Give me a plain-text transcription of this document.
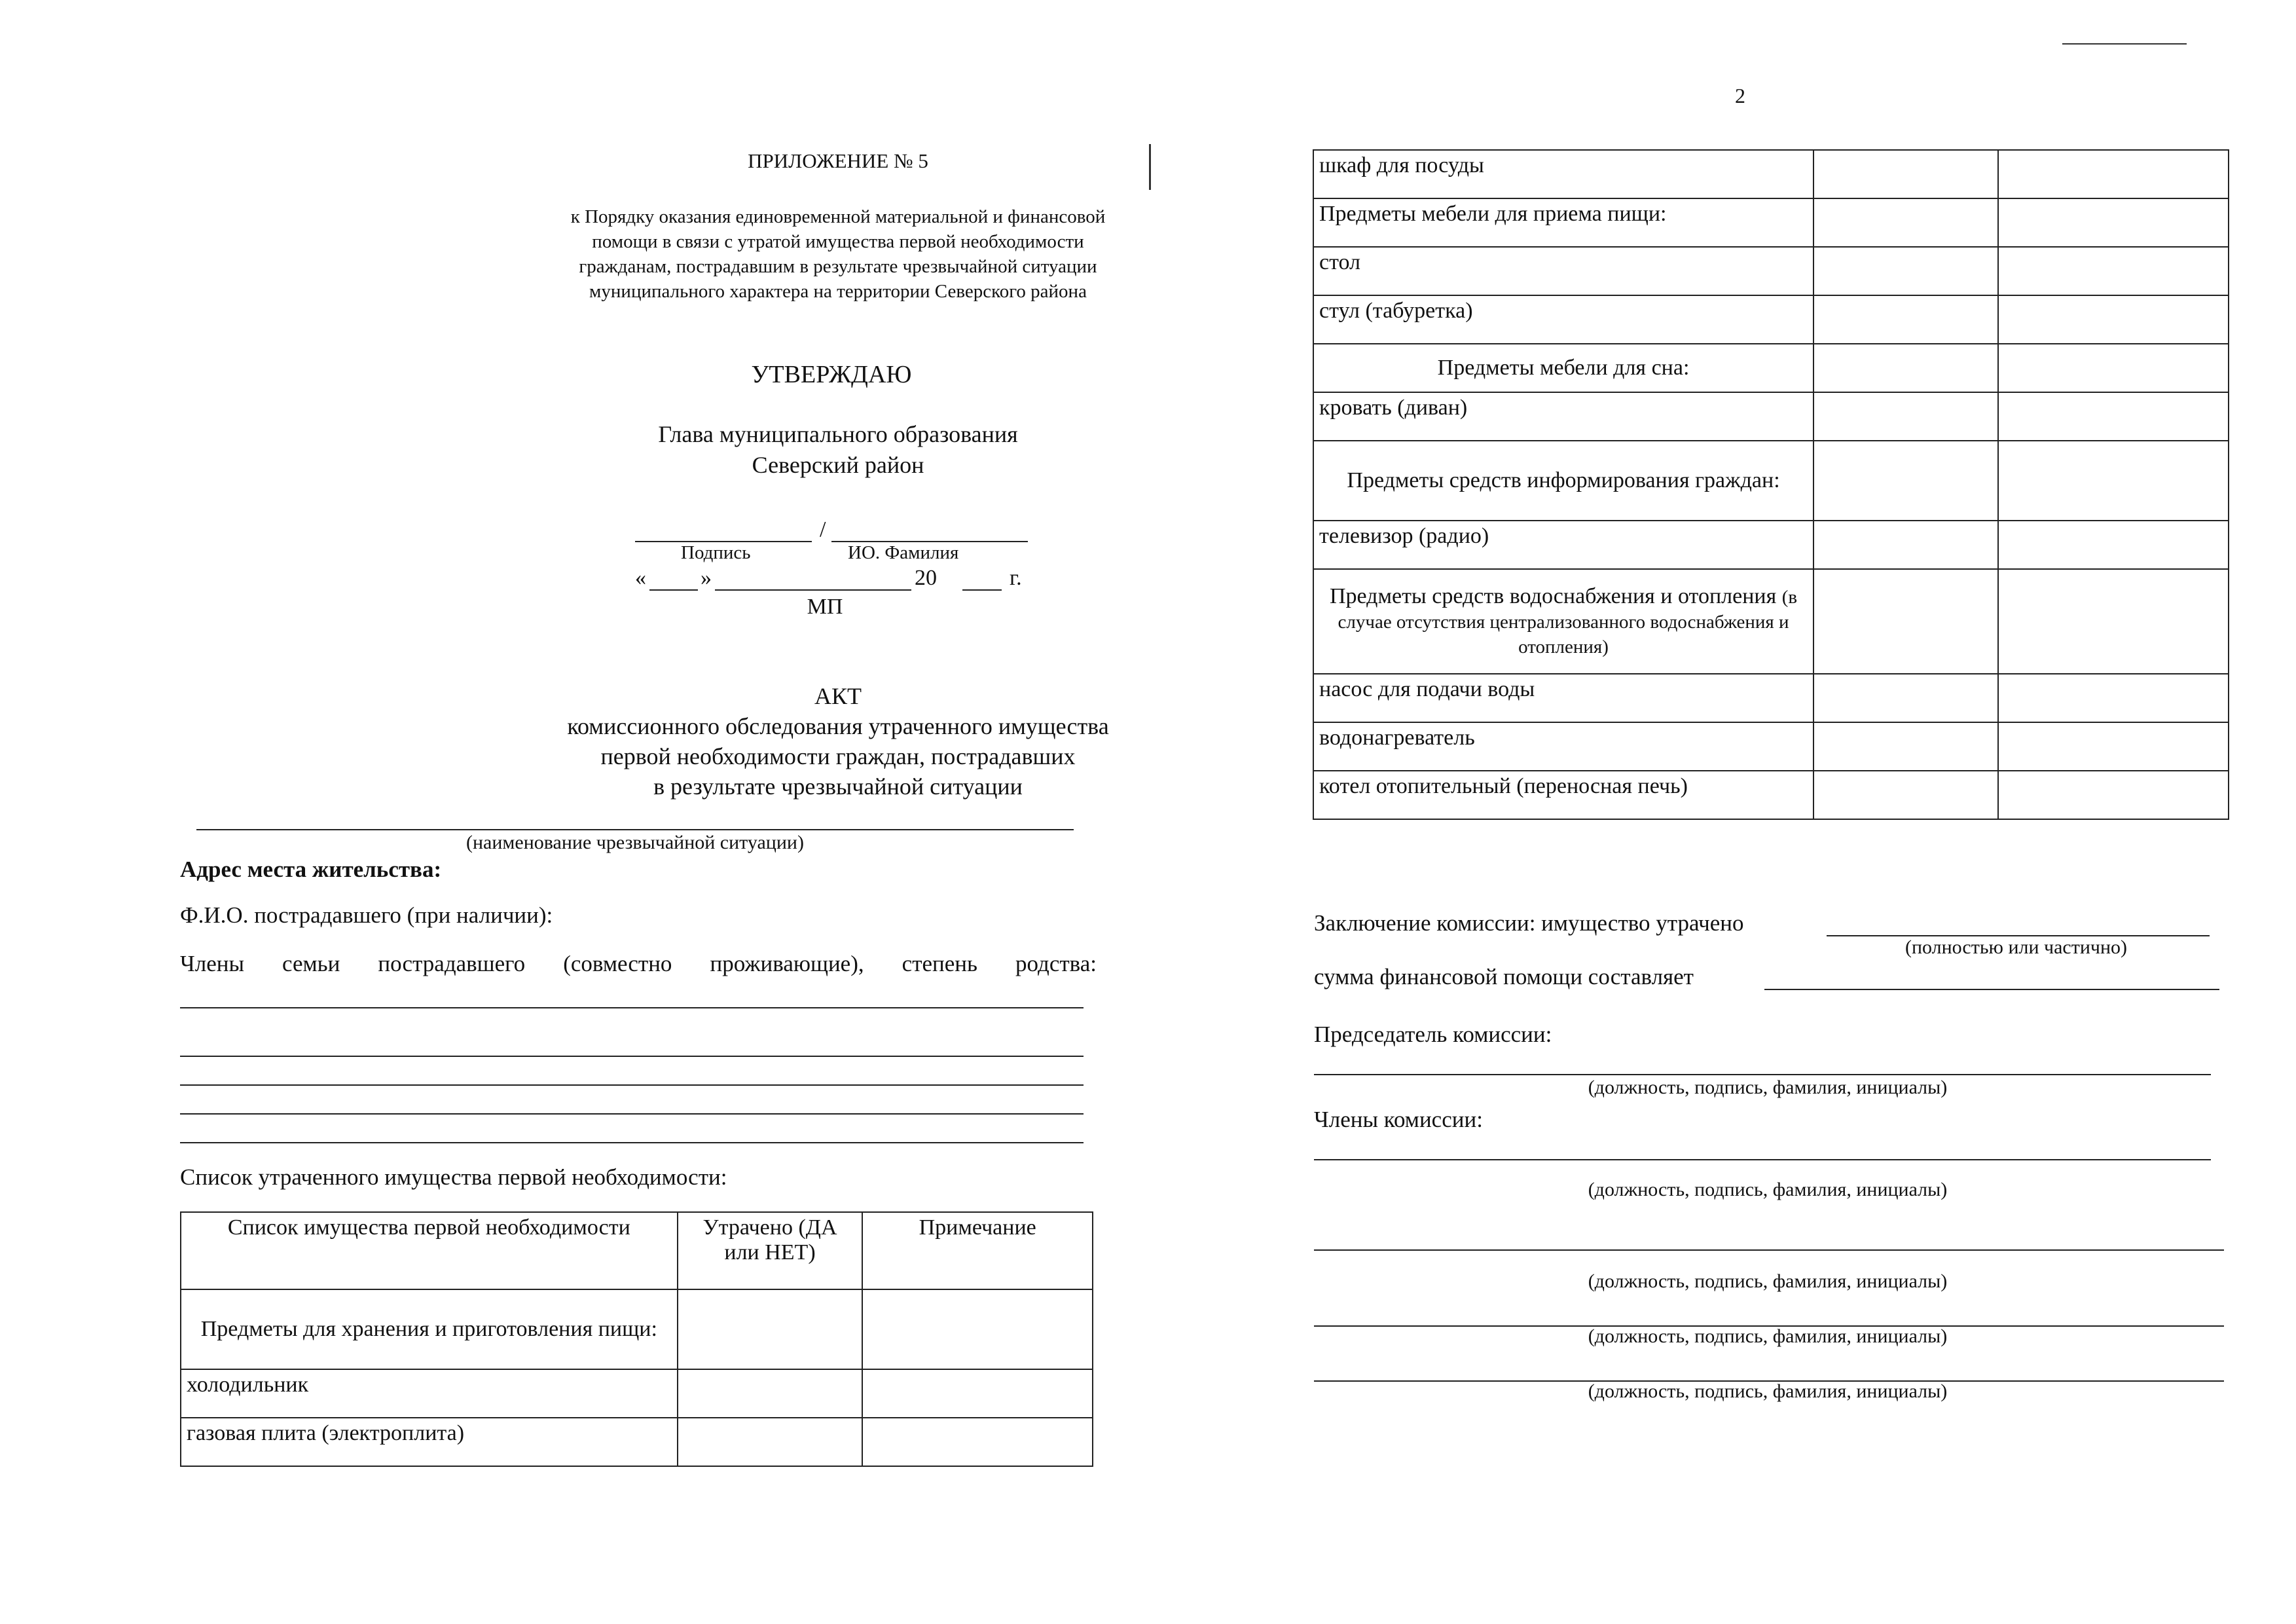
ПРИЛОЖЕНИЕ № 5
к Порядку оказания единовременной материальной и финансовой помощи в связи с утратой имущества первой необходимости гражданам, пострадавшим в результате чрезвычайной ситуации муниципального характера на территории Северского района
УТВЕРЖДАЮ
Глава муниципального образования
Северский район
/
Подпись	ИО. Фамилия
« »	20	г.
МП
АКТ
комиссионного обследования утраченного имущества
первой необходимости граждан, пострадавших
в результате чрезвычайной ситуации
(наименование чрезвычайной ситуации)
Адрес места жительства:
Ф.И.О. пострадавшего (при наличии):
Члены семьи пострадавшего (совместно проживающие), степень родства:
Список утраченного имущества первой необходимости:
Список имущества первой необходимости	Утрачено (ДА или НЕТ)	Примечание
Предметы для хранения и приготовления пищи:		
холодильник		
газовая плита (электроплита)		
2
шкаф для посуды		
Предметы мебели для приема пищи:		
стол		
стул (табуретка)		
Предметы мебели для сна:		
кровать (диван)		
Предметы средств информирования граждан:		
телевизор (радио)		
Предметы средств водоснабжения и отопления (в случае отсутствия централизованного водоснабжения и отопления)		
насос для подачи воды		
водонагреватель		
котел отопительный (переносная печь)		
Заключение комиссии: имущество утрачено
(полностью или частично)
сумма финансовой помощи составляет
Председатель комиссии:
(должность, подпись, фамилия, инициалы)
Члены комиссии:
(должность, подпись, фамилия, инициалы)
(должность, подпись, фамилия, инициалы)
(должность, подпись, фамилия, инициалы)
(должность, подпись, фамилия, инициалы)
